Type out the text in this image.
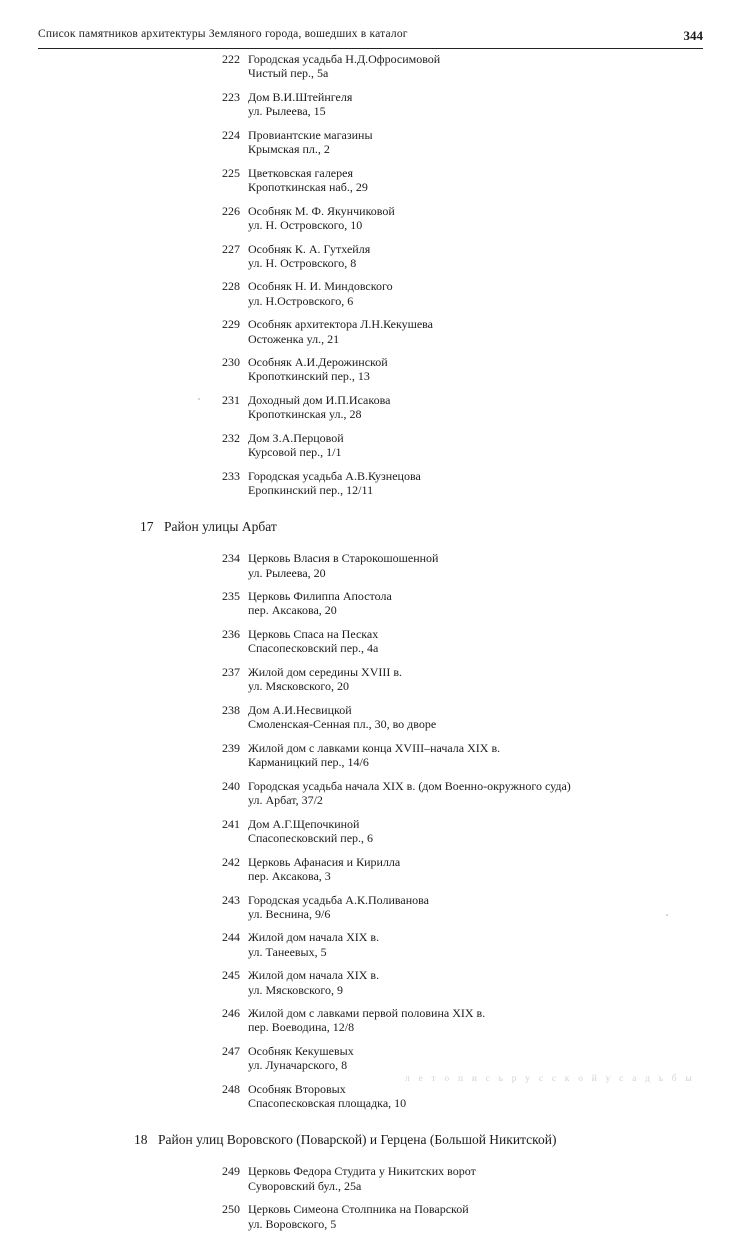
Список памятников архитектуры Земляного города, вошедших в каталог	344
222 Городская усадьба Н.Д.Офросимовой
Чистый пер., 5а
223 Дом В.И.Штейнгеля
ул. Рылеева, 15
224 Провиантские магазины
Крымская пл., 2
225 Цветковская галерея
Кропоткинская наб., 29
226 Особняк М. Ф. Якунчиковой
ул. Н. Островского, 10
227 Особняк К. А. Гутхейля
ул. Н. Островского, 8
228 Особняк Н. И. Миндовского
ул. Н.Островского, 6
229 Особняк архитектора Л.Н.Кекушева
Остоженка ул., 21
230 Особняк А.И.Дерожинской
Кропоткинский пер., 13
231 Доходный дом И.П.Исакова
Кропоткинская ул., 28
232 Дом З.А.Перцовой
Курсовой пер., 1/1
233 Городская усадьба А.В.Кузнецова
Еропкинский пер., 12/11
17 Район улицы Арбат
234 Церковь Власия в Старокошошенной
ул. Рылеева, 20
235 Церковь Филиппа Апостола
пер. Аксакова, 20
236 Церковь Спаса на Песках
Спасопесковский пер., 4а
237 Жилой дом середины XVIII в.
ул. Мясковского, 20
238 Дом А.И.Несвицкой
Смоленская-Сенная пл., 30, во дворе
239 Жилой дом с лавками конца XVIII–начала XIX в.
Карманицкий пер., 14/6
240 Городская усадьба начала XIX в. (дом Военно-окружного суда)
ул. Арбат, 37/2
241 Дом А.Г.Щепочкиной
Спасопесковский пер., 6
242 Церковь Афанасия и Кирилла
пер. Аксакова, 3
243 Городская усадьба А.К.Поливанова
ул. Веснина, 9/6
244 Жилой дом начала XIX в.
ул. Танеевых, 5
245 Жилой дом начала XIX в.
ул. Мясковского, 9
246 Жилой дом с лавками первой половина XIX в.
пер. Воеводина, 12/8
247 Особняк Кекушевых
ул. Луначарского, 8
248 Особняк Второвых
Спасопесковская площадка, 10
18 Район улиц Воровского (Поварской) и Герцена (Большой Никитской)
249 Церковь Федора Студита у Никитских ворот
Суворовский бул., 25а
250 Церковь Симеона Столпника на Поварской
ул. Воровского, 5
л е т о п и с ь р у с с к о й у с а д ь б ы
